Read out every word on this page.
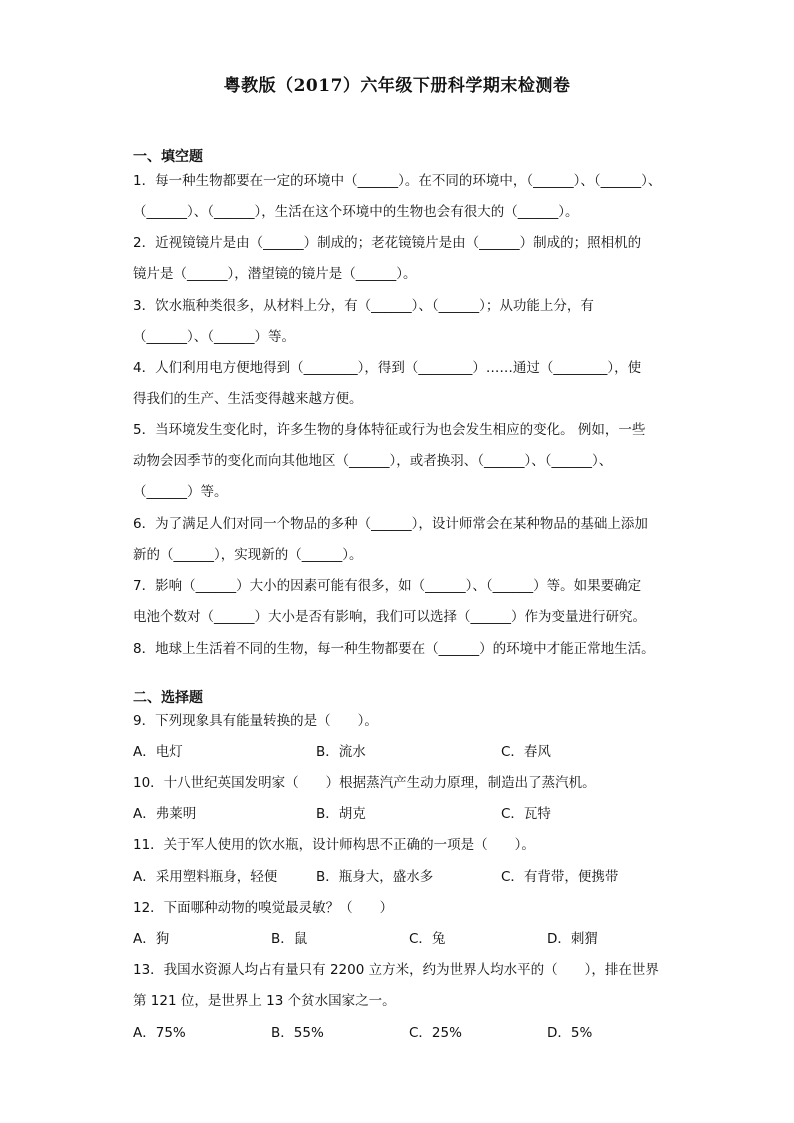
粤教版（2017）六年级下册科学期末检测卷
一、填空题
1．每一种生物都要在一定的环境中（______）。在不同的环境中，（______）、（______）、
（______）、（______），生活在这个环境中的生物也会有很大的（______）。
2．近视镜镜片是由（______）制成的；老花镜镜片是由（______）制成的；照相机的
镜片是（______），潜望镜的镜片是（______）。
3．饮水瓶种类很多，从材料上分，有（______）、（______）；从功能上分，有
（______）、（______）等。
4．人们利用电方便地得到（________），得到（________）……通过（________），使
得我们的生产、生活变得越来越方便。
5．当环境发生变化时，许多生物的身体特征或行为也会发生相应的变化。 例如，一些
动物会因季节的变化而向其他地区（______），或者换羽、（______）、（______）、
（______）等。
6．为了满足人们对同一个物品的多种（______），设计师常会在某种物品的基础上添加
新的（______），实现新的（______）。
7．影响（______）大小的因素可能有很多，如（______）、（______）等。如果要确定
电池个数对（______）大小是否有影响，我们可以选择（______）作为变量进行研究。
8．地球上生活着不同的生物，每一种生物都要在（______）的环境中才能正常地生活。
二、选择题
9．下列现象具有能量转换的是（　　）。
A．电灯	B．流水	C．春风
10．十八世纪英国发明家（　　）根据蒸汽产生动力原理，制造出了蒸汽机。
A．弗莱明	B．胡克	C．瓦特
11．关于军人使用的饮水瓶，设计师构思不正确的一项是（　　）。
A．采用塑料瓶身，轻便	B．瓶身大，盛水多	C．有背带，便携带
12．下面哪种动物的嗅觉最灵敏？（　　）
A．狗	B．鼠	C．兔	D．刺猬
13．我国水资源人均占有量只有 2200 立方米，约为世界人均水平的（　　），排在世界
第 121 位，是世界上 13 个贫水国家之一。
A．75%	B．55%	C．25%	D．5%
